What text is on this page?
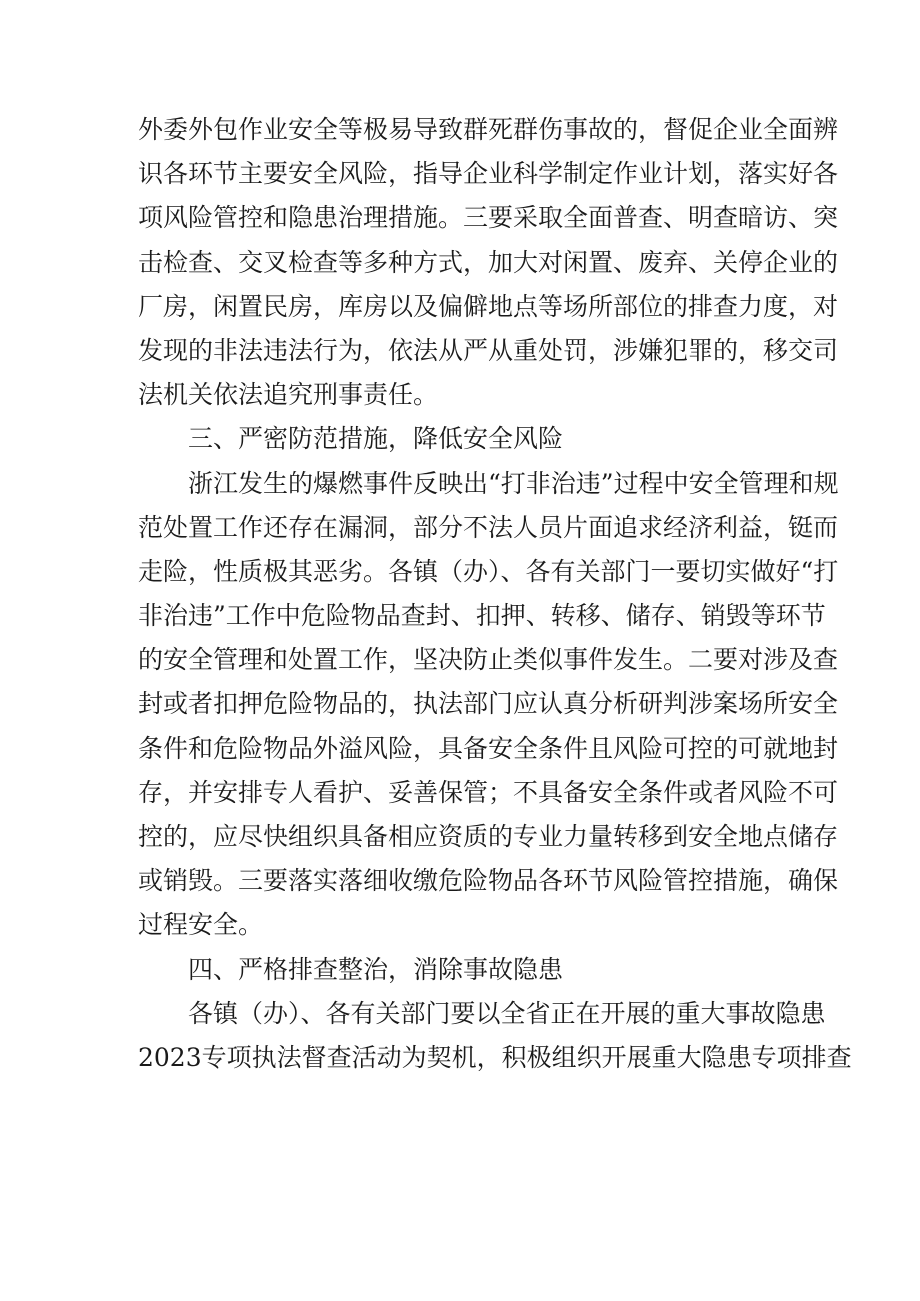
外委外包作业安全等极易导致群死群伤事故的，督促企业全面辨
识各环节主要安全风险，指导企业科学制定作业计划，落实好各
项风险管控和隐患治理措施。三要采取全面普查、明查暗访、突
击检查、交叉检查等多种方式，加大对闲置、废弃、关停企业的
厂房，闲置民房，库房以及偏僻地点等场所部位的排查力度，对
发现的非法违法行为，依法从严从重处罚，涉嫌犯罪的，移交司
法机关依法追究刑事责任。
三、严密防范措施，降低安全风险
浙江发生的爆燃事件反映出“打非治违”过程中安全管理和规
范处置工作还存在漏洞，部分不法人员片面追求经济利益，铤而
走险，性质极其恶劣。各镇（办）、各有关部门一要切实做好“打
非治违”工作中危险物品查封、扣押、转移、储存、销毁等环节
的安全管理和处置工作，坚决防止类似事件发生。二要对涉及查
封或者扣押危险物品的，执法部门应认真分析研判涉案场所安全
条件和危险物品外溢风险，具备安全条件且风险可控的可就地封
存，并安排专人看护、妥善保管；不具备安全条件或者风险不可
控的，应尽快组织具备相应资质的专业力量转移到安全地点储存
或销毁。三要落实落细收缴危险物品各环节风险管控措施，确保
过程安全。
四、严格排查整治，消除事故隐患
各镇（办）、各有关部门要以全省正在开展的重大事故隐患
2023专项执法督查活动为契机，积极组织开展重大隐患专项排查
